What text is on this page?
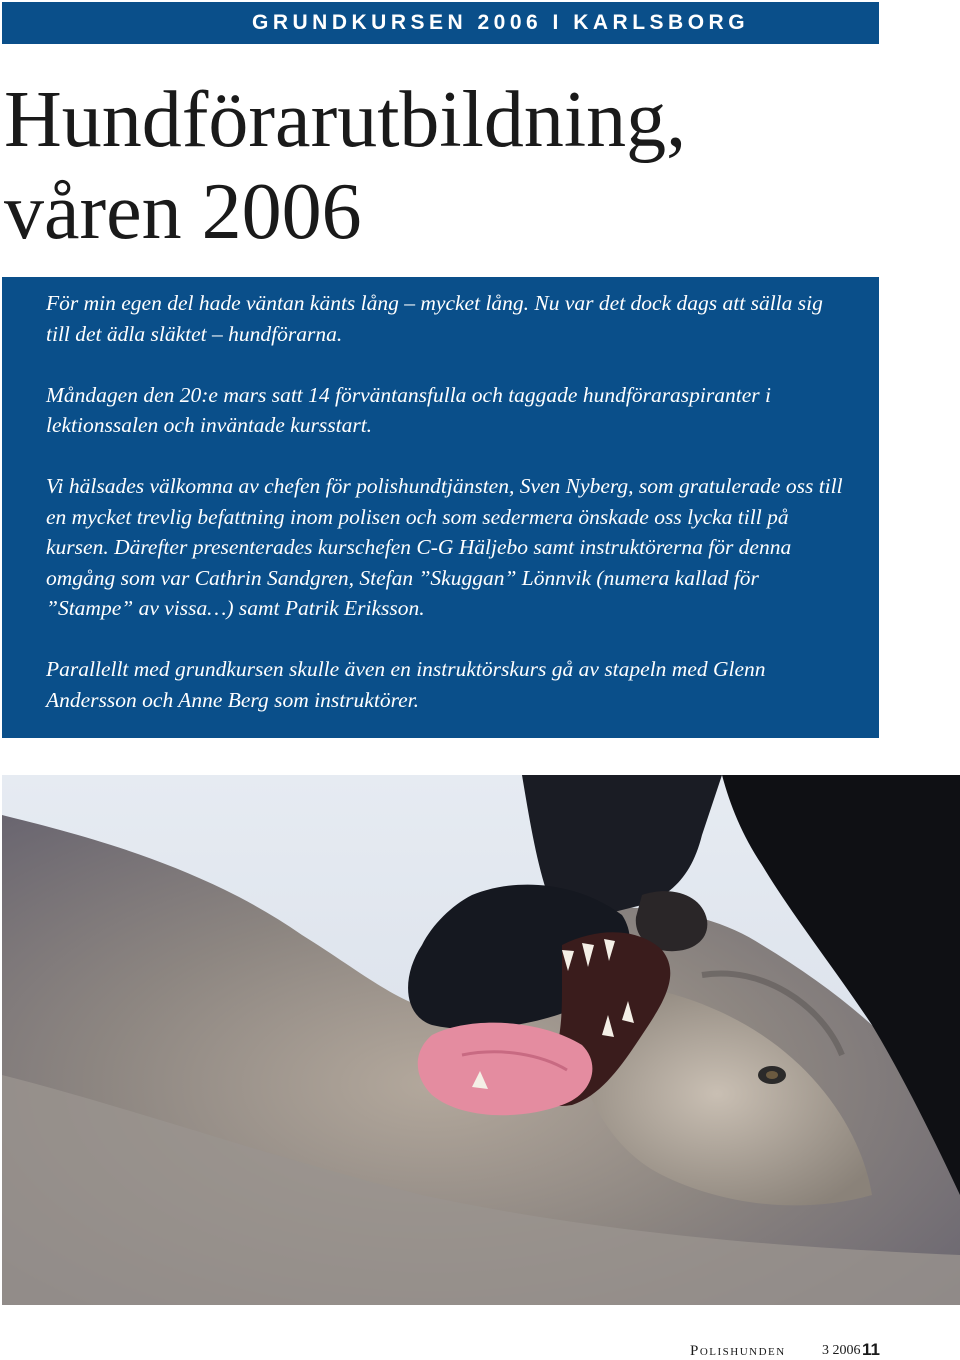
GRUNDKURSEN 2006 I KARLSBORG
Hundförarutbildning,
våren 2006

För min egen del hade väntan känts lång – mycket lång. Nu var det dock dags att sälla sig till det ädla släktet – hundförarna.

Måndagen den 20:e mars satt 14 förväntansfulla och taggade hundföraraspiranter i lektionssalen och inväntade kursstart.

Vi hälsades välkomna av chefen för polishundtjänsten, Sven Nyberg, som gratulerade oss till en mycket trevlig befattning inom polisen och som sedermera önskade oss lycka till på kursen. Därefter presenterades kurschefen C-G Häljebo samt instruktörerna för denna omgång som var Cathrin Sandgren, Stefan ”Skuggan” Lönnvik (numera kallad för ”Stampe” av vissa…) samt Patrik Eriksson.

Parallellt med grundkursen skulle även en instruktörskurs gå av stapeln med Glenn Andersson och Anne Berg som instruktörer.

Polishunden	3 2006 11
